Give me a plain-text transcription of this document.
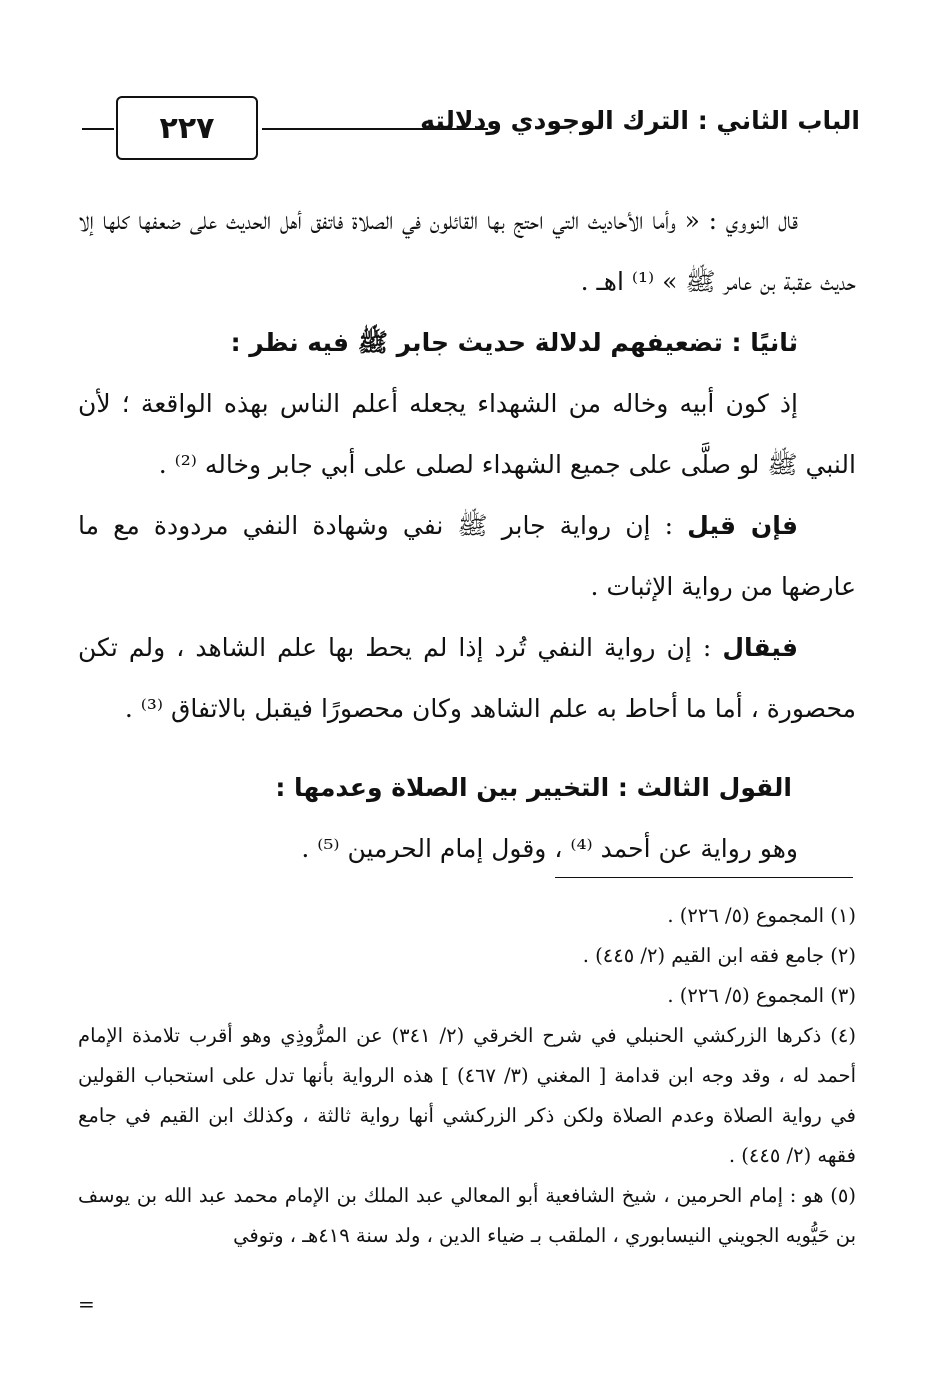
٢٢٧	الباب الثاني : الترك الوجودي ودلالته

قال النووي : « وأما الأحاديث التي احتج بها القائلون في الصلاة فاتفق أهل الحديث على ضعفها كلها إلا حديث عقبة بن عامر ﷺ » ⁽¹⁾ اهـ .

ثانيًا : تضعيفهم لدلالة حديث جابر ﷺ فيه نظر :

إذ كون أبيه وخاله من الشهداء يجعله أعلم الناس بهذه الواقعة ؛ لأن النبي ﷺ لو صلَّى على جميع الشهداء لصلى على أبي جابر وخاله ⁽²⁾ .

فإن قيل : إن رواية جابر ﷺ نفي وشهادة النفي مردودة مع ما عارضها من رواية الإثبات .

فيقال : إن رواية النفي تُرد إذا لم يحط بها علم الشاهد ، ولم تكن محصورة ، أما ما أحاط به علم الشاهد وكان محصورًا فيقبل بالاتفاق ⁽³⁾ .

القول الثالث : التخيير بين الصلاة وعدمها :

وهو رواية عن أحمد ⁽⁴⁾ ، وقول إمام الحرمين ⁽⁵⁾ .

(١) المجموع (٥/ ٢٢٦) .

(٢) جامع فقه ابن القيم (٢/ ٤٤٥) .

(٣) المجموع (٥/ ٢٢٦) .

(٤) ذكرها الزركشي الحنبلي في شرح الخرقي (٢/ ٣٤١) عن المرُّوذِي وهو أقرب تلامذة الإمام أحمد له ، وقد وجه ابن قدامة [ المغني (٣/ ٤٦٧) ] هذه الرواية بأنها تدل على استحباب القولين في رواية الصلاة وعدم الصلاة ولكن ذكر الزركشي أنها رواية ثالثة ، وكذلك ابن القيم في جامع فقهه (٢/ ٤٤٥) .

(٥) هو : إمام الحرمين ، شيخ الشافعية أبو المعالي عبد الملك بن الإمام محمد عبد الله بن يوسف بن حَيُّويه الجويني النيسابوري ، الملقب بـ ضياء الدين ، ولد سنة ٤١٩هـ ، وتوفي

=
